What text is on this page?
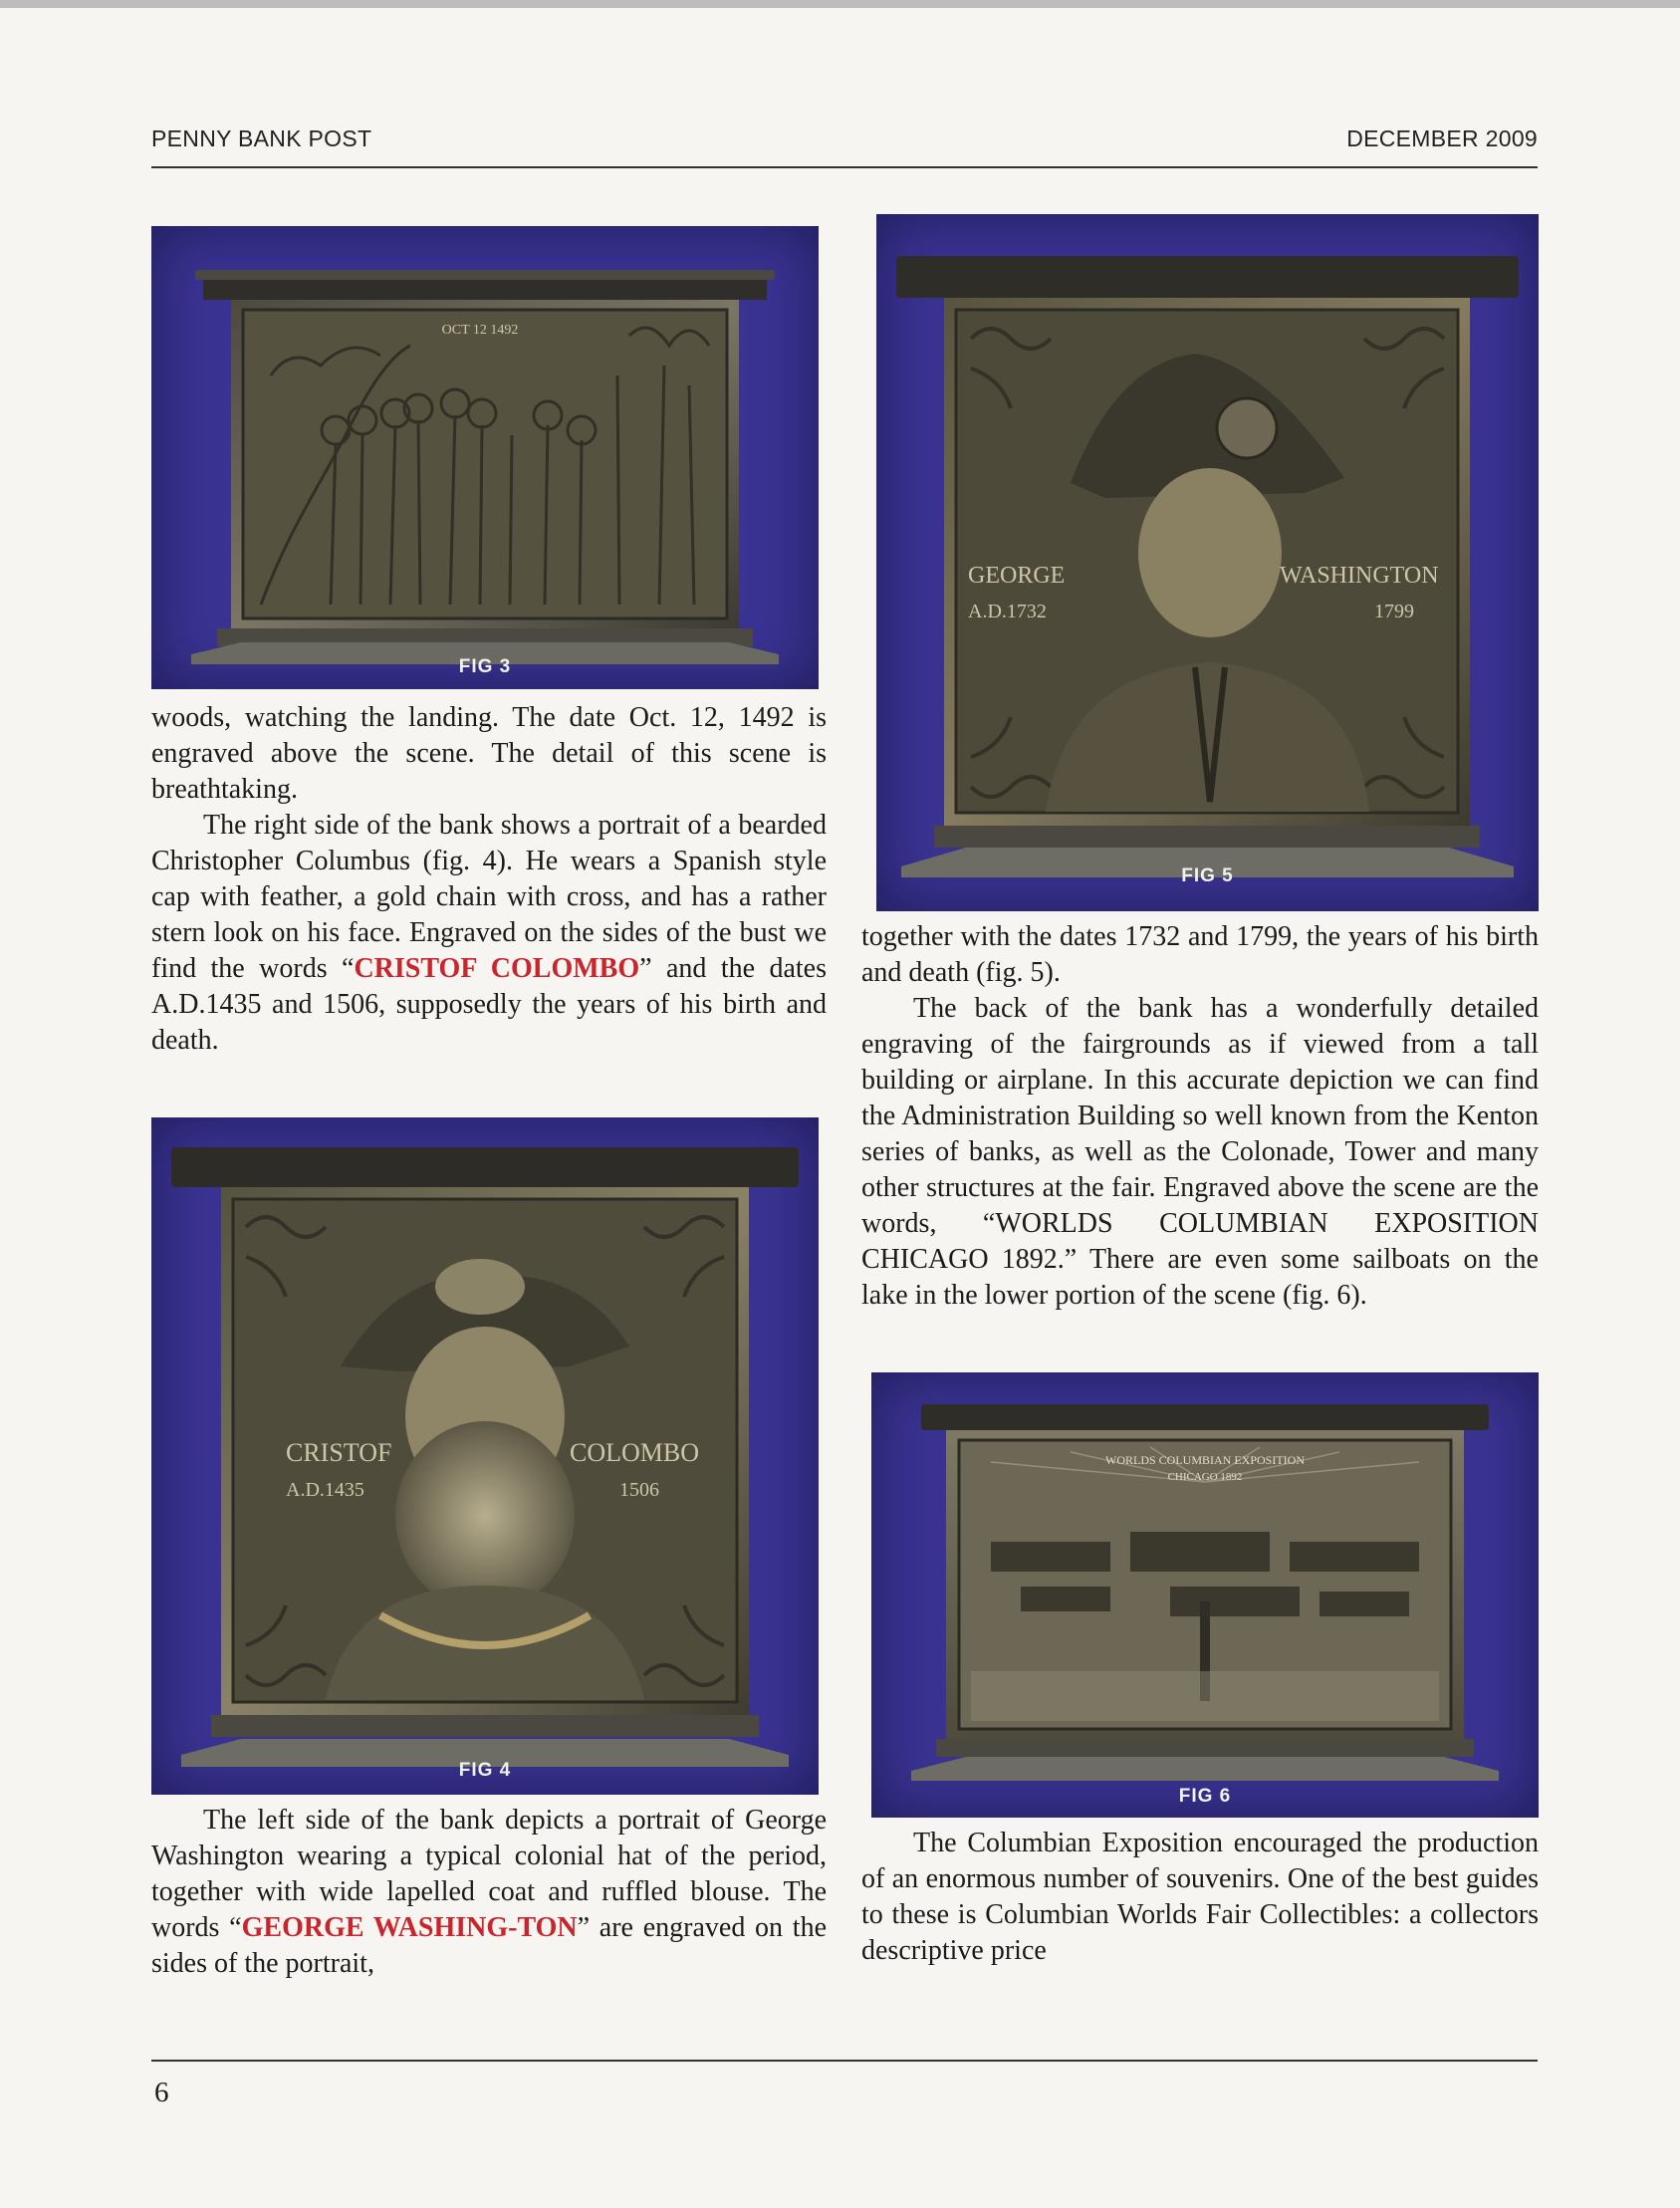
PENNY BANK POST	DECEMBER 2009
OCT 12 1492
FIG 3

woods, watching the landing. The date Oct. 12, 1492 is engraved above the scene. The detail of this scene is breathtaking.

The right side of the bank shows a portrait of a bearded Christopher Columbus (fig. 4). He wears a Spanish style cap with feather, a gold chain with cross, and has a rather stern look on his face. Engraved on the sides of the bust we find the words “CRISTOF COLOMBO” and the dates A.D.1435 and 1506, supposedly the years of his birth and death.

CRISTOF	COLOMBO
A.D.1435	1506
FIG 4

The left side of the bank depicts a portrait of George Washington wearing a typical colonial hat of the period, together with wide lapelled coat and ruffled blouse. The words “GEORGE WASHING-TON” are engraved on the sides of the portrait,

GEORGE	WASHINGTON
A.D.1732	1799
FIG 5

together with the dates 1732 and 1799, the years of his birth and death (fig. 5).

The back of the bank has a wonderfully detailed engraving of the fairgrounds as if viewed from a tall building or airplane. In this accurate depiction we can find the Administration Building so well known from the Kenton series of banks, as well as the Colonade, Tower and many other structures at the fair. Engraved above the scene are the words, “WORLDS COLUMBIAN EXPOSITION CHICAGO 1892.” There are even some sailboats on the lake in the lower portion of the scene (fig. 6).

WORLDS COLUMBIAN EXPOSITION
CHICAGO 1892
FIG 6

The Columbian Exposition encouraged the production of an enormous number of souvenirs. One of the best guides to these is Columbian Worlds Fair Collectibles: a collectors descriptive price

6
